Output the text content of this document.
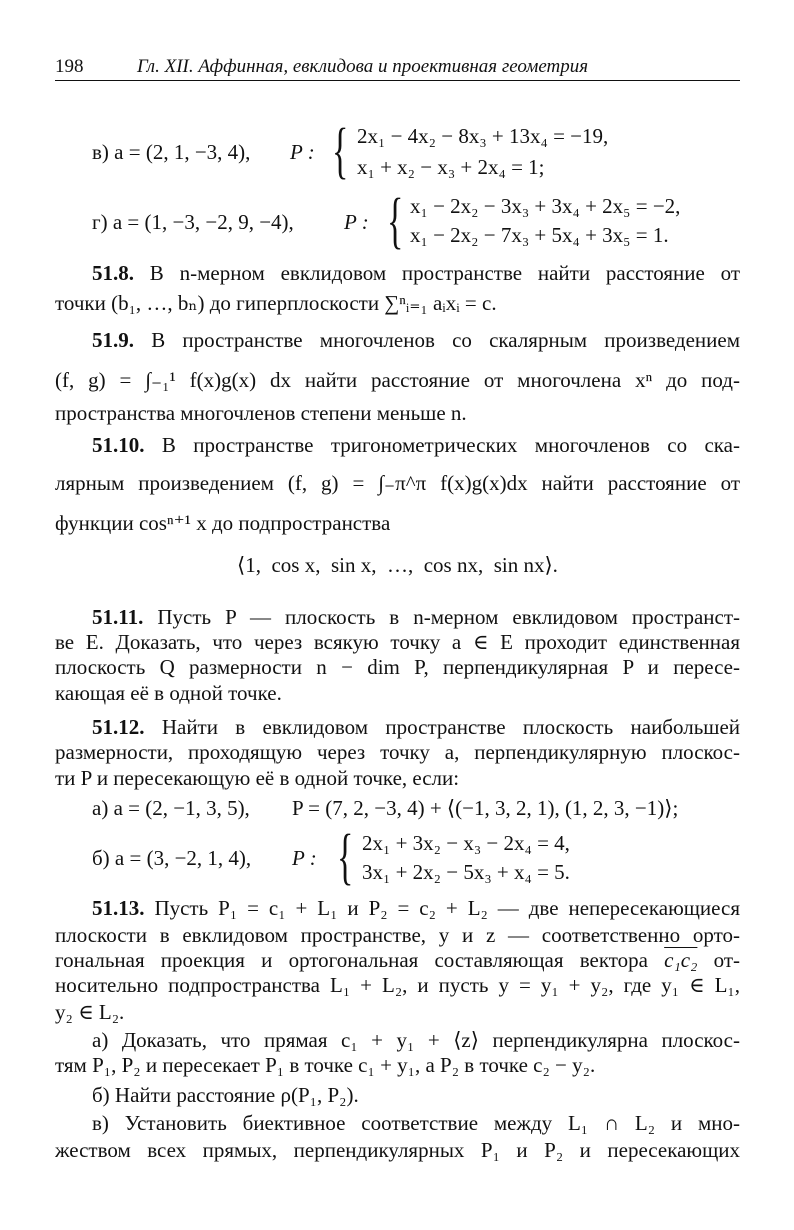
198	Гл. XII. Аффинная, евклидова и проективная геометрия
в) a = (2, 1, −3, 4), P : { 2x₁ − 4x₂ − 8x₃ + 13x₄ = −19,
x₁ + x₂ − x₃ + 2x₄ = 1;
г) a = (1, −3, −2, 9, −4), P : { x₁ − 2x₂ − 3x₃ + 3x₄ + 2x₅ = −2,
x₁ − 2x₂ − 7x₃ + 5x₄ + 3x₅ = 1.
51.8. В n-мерном евклидовом пространстве найти расстояние от
точки (b₁, …, bₙ) до гиперплоскости ∑ⁿᵢ₌₁ aᵢxᵢ = c.
51.9. В пространстве многочленов со скалярным произведением
(f, g) = ∫₋₁¹ f(x)g(x) dx найти расстояние от многочлена xⁿ до под-
пространства многочленов степени меньше n.
51.10. В пространстве тригонометрических многочленов со ска-
лярным произведением (f, g) = ∫₋π^π f(x)g(x)dx найти расстояние от
функции cosⁿ⁺¹ x до подпространства
⟨1,  cos x,  sin x,  …,  cos nx,  sin nx⟩.
51.11. Пусть P — плоскость в n-мерном евклидовом пространст-
ве E. Доказать, что через всякую точку a ∈ E проходит единственная
плоскость Q размерности n − dim P, перпендикулярная P и пересе-
кающая её в одной точке.
51.12. Найти в евклидовом пространстве плоскость наибольшей
размерности, проходящую через точку a, перпендикулярную плоскос-
ти P и пересекающую её в одной точке, если:
а) a = (2, −1, 3, 5), P = (7, 2, −3, 4) + ⟨(−1, 3, 2, 1), (1, 2, 3, −1)⟩;
б) a = (3, −2, 1, 4), P : { 2x₁ + 3x₂ − x₃ − 2x₄ = 4,
3x₁ + 2x₂ − 5x₃ + x₄ = 5.
51.13. Пусть P₁ = c₁ + L₁ и P₂ = c₂ + L₂ — две непересекающиеся
плоскости в евклидовом пространстве, y и z — соответственно орто-
гональная проекция и ортогональная составляющая вектора c₁c₂ от-
носительно подпространства L₁ + L₂, и пусть y = y₁ + y₂, где y₁ ∈ L₁,
y₂ ∈ L₂.
а) Доказать, что прямая c₁ + y₁ + ⟨z⟩ перпендикулярна плоскос-
тям P₁, P₂ и пересекает P₁ в точке c₁ + y₁, а P₂ в точке c₂ − y₂.
б) Найти расстояние ρ(P₁, P₂).
в) Установить биективное соответствие между L₁ ∩ L₂ и мно-
жеством всех прямых, перпендикулярных P₁ и P₂ и пересекающих
